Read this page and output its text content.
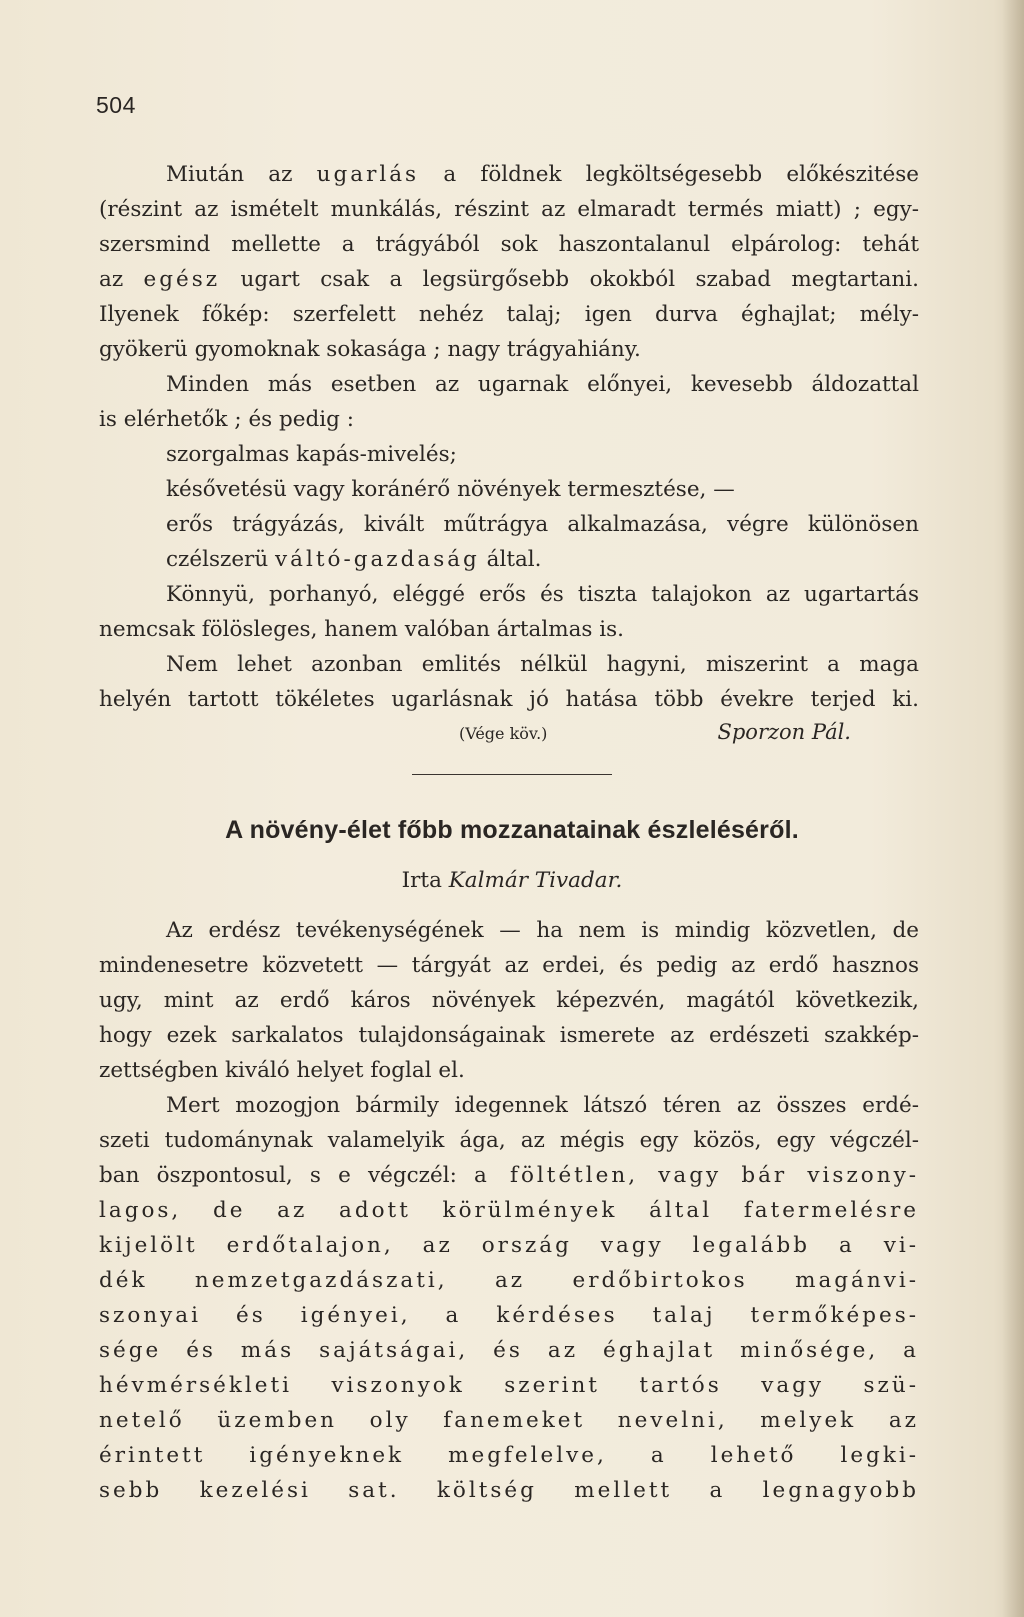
504
Miután az ugarlás a földnek legköltségesebb előkészitése
(részint az ismételt munkálás, részint az elmaradt termés miatt) ; egy-
szersmind mellette a trágyából sok haszontalanul elpárolog: tehát
az egész ugart csak a legsürgősebb okokból szabad megtartani.
Ilyenek főkép: szerfelett nehéz talaj; igen durva éghajlat; mély-
gyökerü gyomoknak sokasága ; nagy trágyahiány.
Minden más esetben az ugarnak előnyei, kevesebb áldozattal
is elérhetők ; és pedig :
szorgalmas kapás-mivelés;
késővetésü vagy koránérő növények termesztése, —
erős trágyázás, kivált műtrágya alkalmazása, végre különösen
czélszerü váltó-gazdaság által.
Könnyü, porhanyó, eléggé erős és tiszta talajokon az ugartartás
nemcsak fölösleges, hanem valóban ártalmas is.
Nem lehet azonban emlités nélkül hagyni, miszerint a maga
helyén tartott tökéletes ugarlásnak jó hatása több évekre terjed ki.
(Vége köv.)	Sporzon Pál.
A növény-élet főbb mozzanatainak észleléséről.
Irta Kalmár Tivadar.
Az erdész tevékenységének — ha nem is mindig közvetlen, de
mindenesetre közvetett — tárgyát az erdei, és pedig az erdő hasznos
ugy, mint az erdő káros növények képezvén, magától következik,
hogy ezek sarkalatos tulajdonságainak ismerete az erdészeti szakkép-
zettségben kiváló helyet foglal el.
Mert mozogjon bármily idegennek látszó téren az összes erdé-
szeti tudománynak valamelyik ága, az mégis egy közös, egy végczél-
ban öszpontosul, s e végczél: a föltétlen, vagy bár viszony-
lagos, de az adott körülmények által fatermelésre
kijelölt erdőtalajon, az ország vagy legalább a vi-
dék nemzetgazdászati, az erdőbirtokos magánvi-
szonyai és igényei, a kérdéses talaj termőképes-
sége és más sajátságai, és az éghajlat minősége, a
hévmérsékleti viszonyok szerint tartós vagy szü-
netelő üzemben oly fanemeket nevelni, melyek az
érintett igényeknek megfelelve, a lehető legki-
sebb kezelési sat. költség mellett a legnagyobb
